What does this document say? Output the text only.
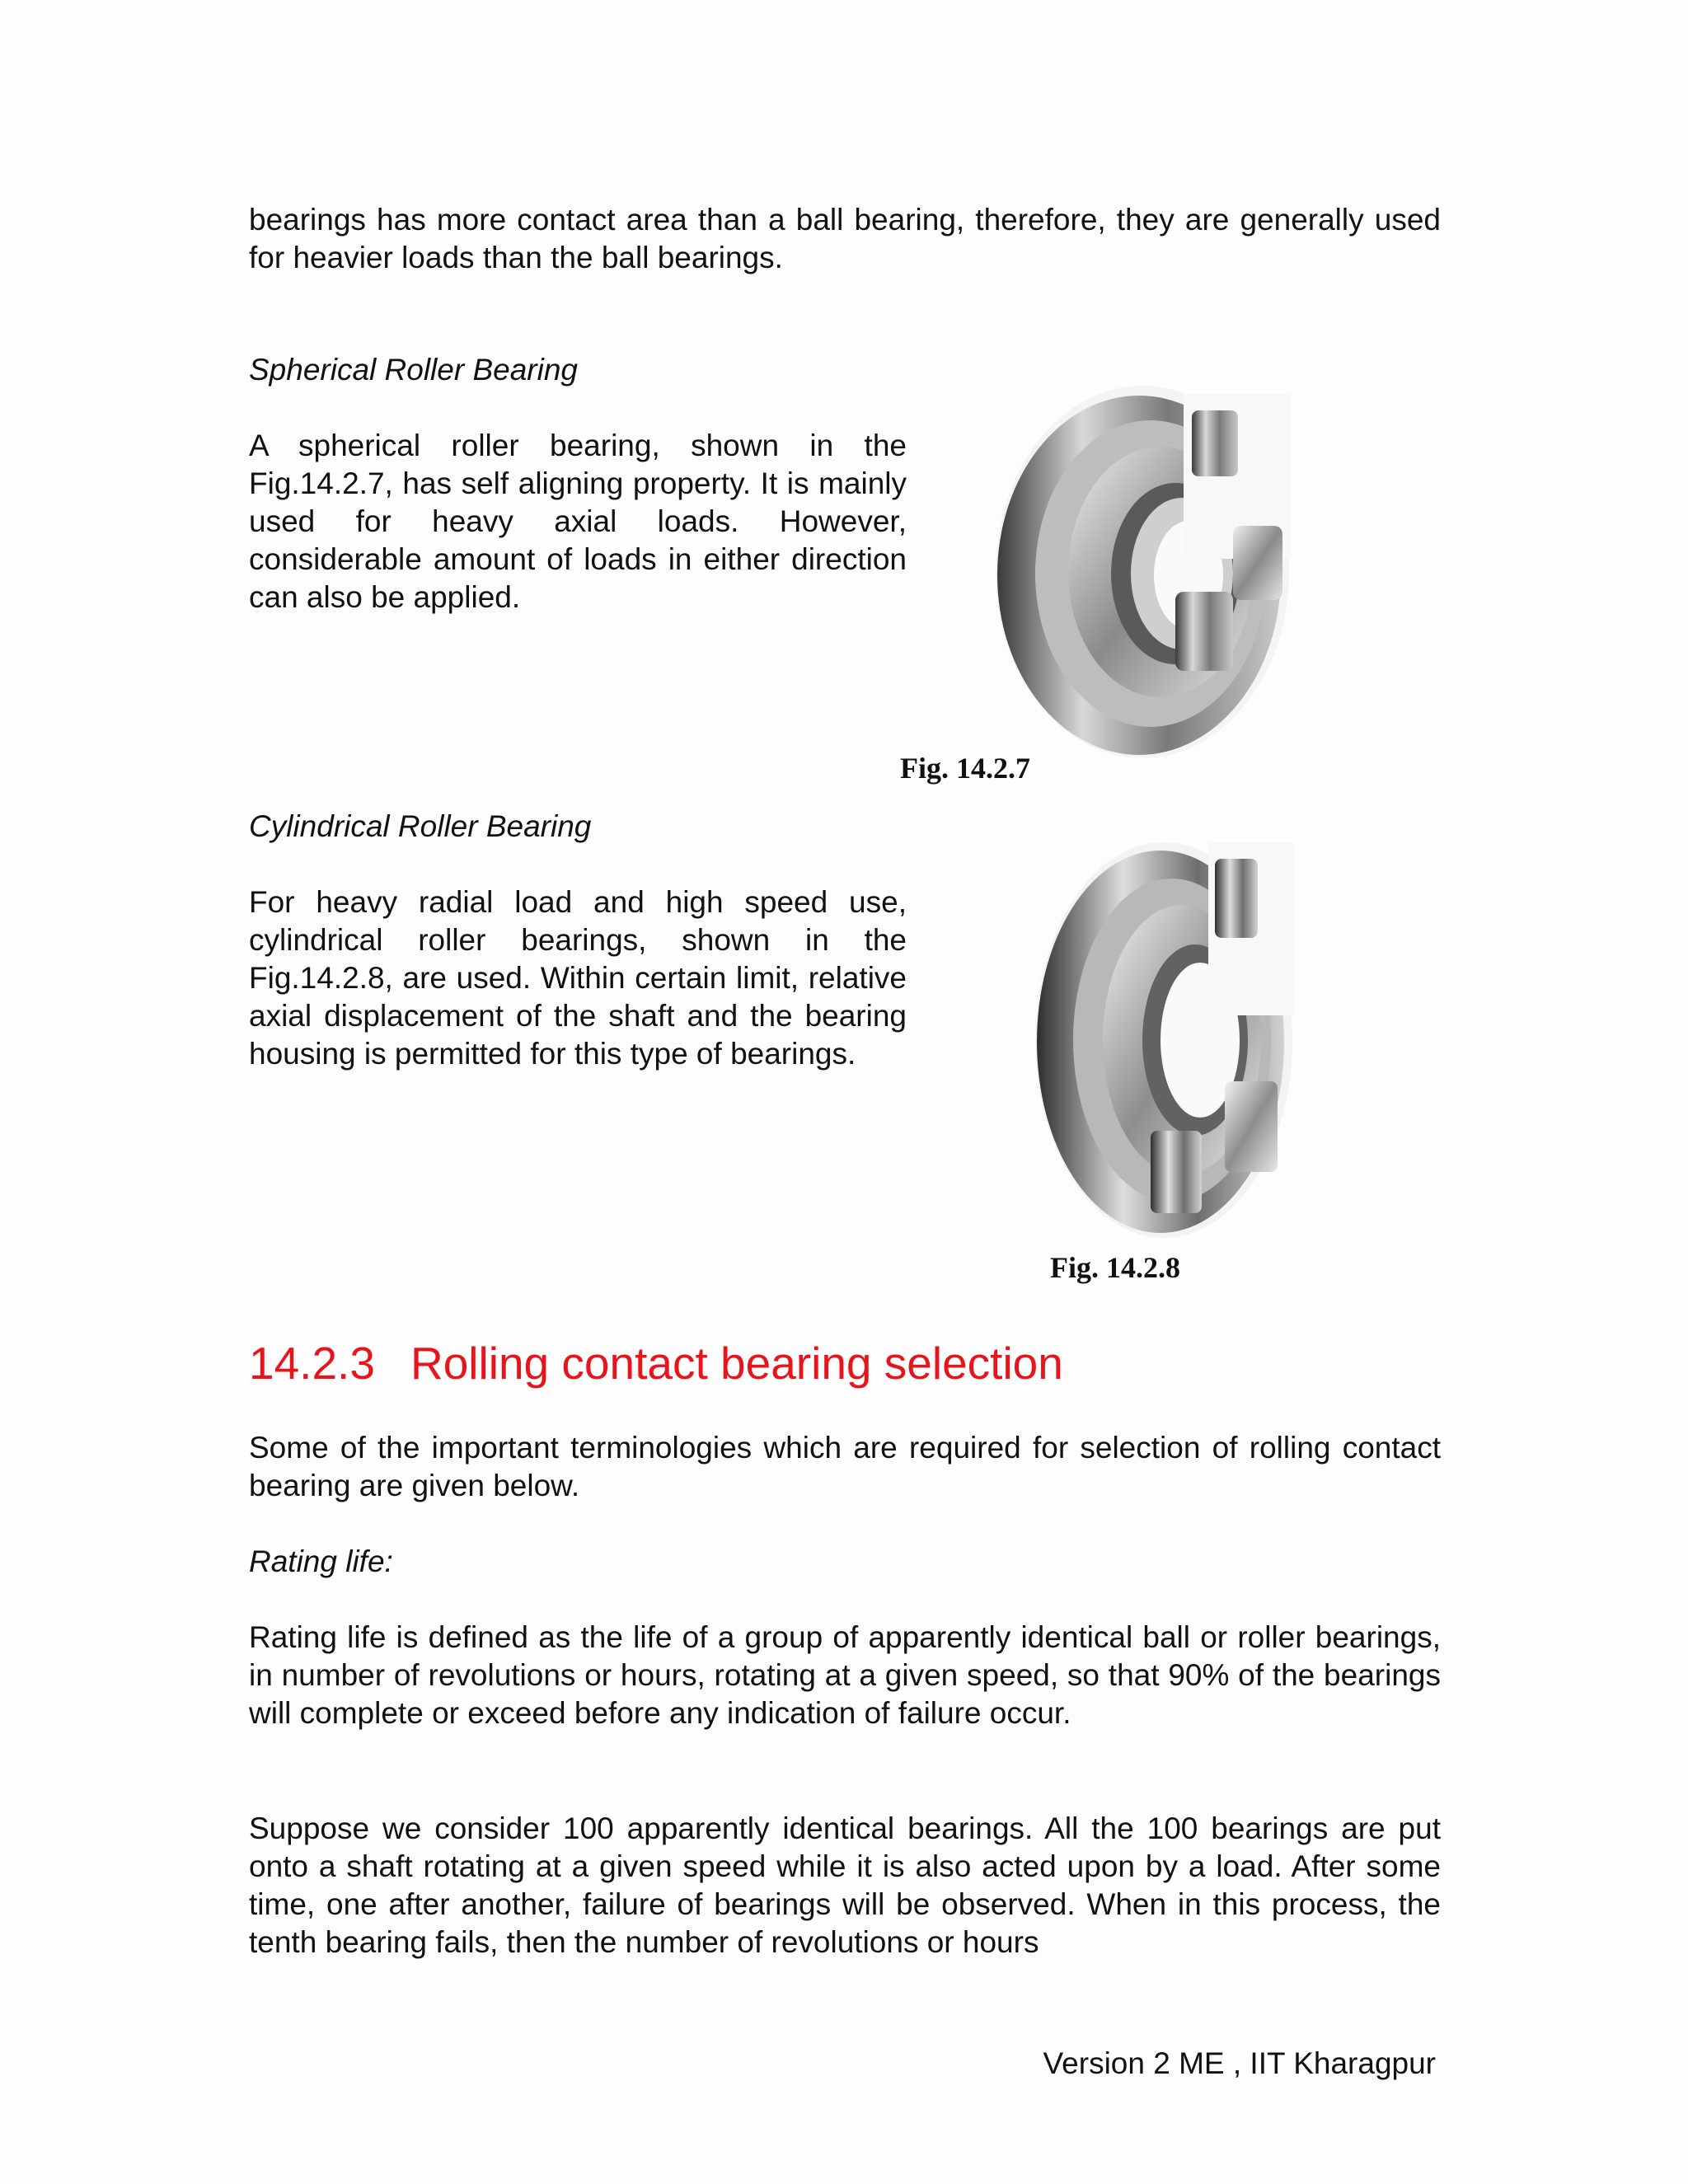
bearings has more contact area than a ball bearing, therefore, they are generally used for heavier loads than the ball bearings.

Spherical Roller Bearing

A spherical roller bearing, shown in the Fig.14.2.7, has self aligning property. It is mainly used for heavy axial loads. However, considerable amount of loads in either direction can also be applied.

Fig. 14.2.7

Cylindrical Roller Bearing

For heavy radial load and high speed use, cylindrical roller bearings, shown in the Fig.14.2.8, are used. Within certain limit, relative axial displacement of the shaft and the bearing housing is permitted for this type of bearings.

Fig. 14.2.8
14.2.3 Rolling contact bearing selection

Some of the important terminologies which are required for selection of rolling contact bearing are given below.

Rating life:

Rating life is defined as the life of a group of apparently identical ball or roller bearings, in number of revolutions or hours, rotating at a given speed, so that 90% of the bearings will complete or exceed before any indication of failure occur.

Suppose we consider 100 apparently identical bearings. All the 100 bearings are put onto a shaft rotating at a given speed while it is also acted upon by a load. After some time, one after another, failure of bearings will be observed. When in this process, the tenth bearing fails, then the number of revolutions or hours

Version 2 ME , IIT Kharagpur
